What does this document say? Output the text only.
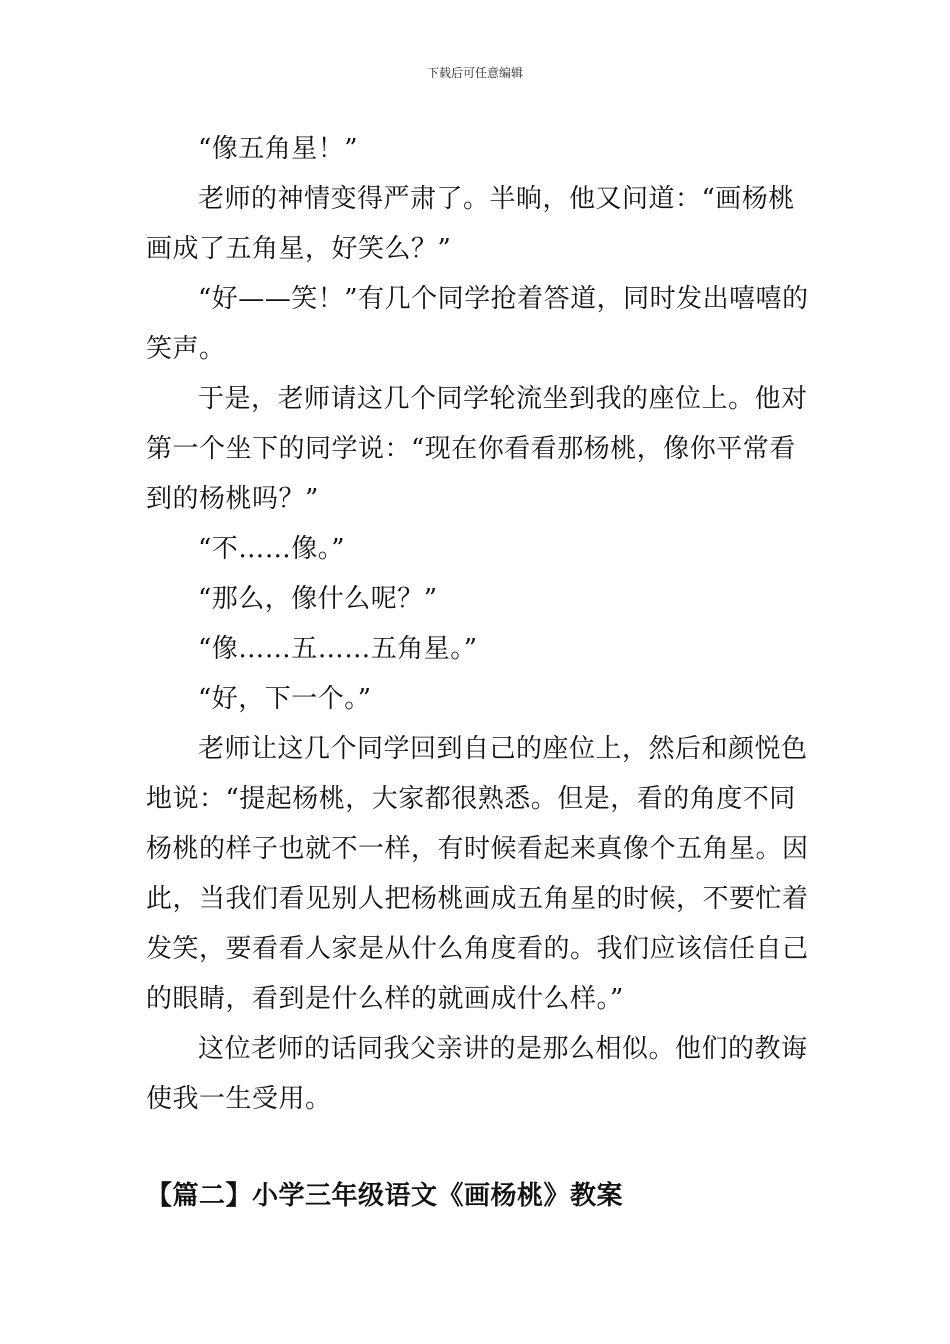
下载后可任意编辑

“像五角星！”

老师的神情变得严肃了。半晌，他又问道：“画杨桃画成了五角星，好笑么？”

“好——笑！”有几个同学抢着答道，同时发出嘻嘻的笑声。

于是，老师请这几个同学轮流坐到我的座位上。他对第一个坐下的同学说：“现在你看看那杨桃，像你平常看到的杨桃吗？”

“不……像。”

“那么，像什么呢？”

“像……五……五角星。”

“好，下一个。”

老师让这几个同学回到自己的座位上，然后和颜悦色地说：“提起杨桃，大家都很熟悉。但是，看的角度不同杨桃的样子也就不一样，有时候看起来真像个五角星。因此，当我们看见别人把杨桃画成五角星的时候，不要忙着发笑，要看看人家是从什么角度看的。我们应该信任自己的眼睛，看到是什么样的就画成什么样。”

这位老师的话同我父亲讲的是那么相似。他们的教诲使我一生受用。

【篇二】小学三年级语文《画杨桃》教案
